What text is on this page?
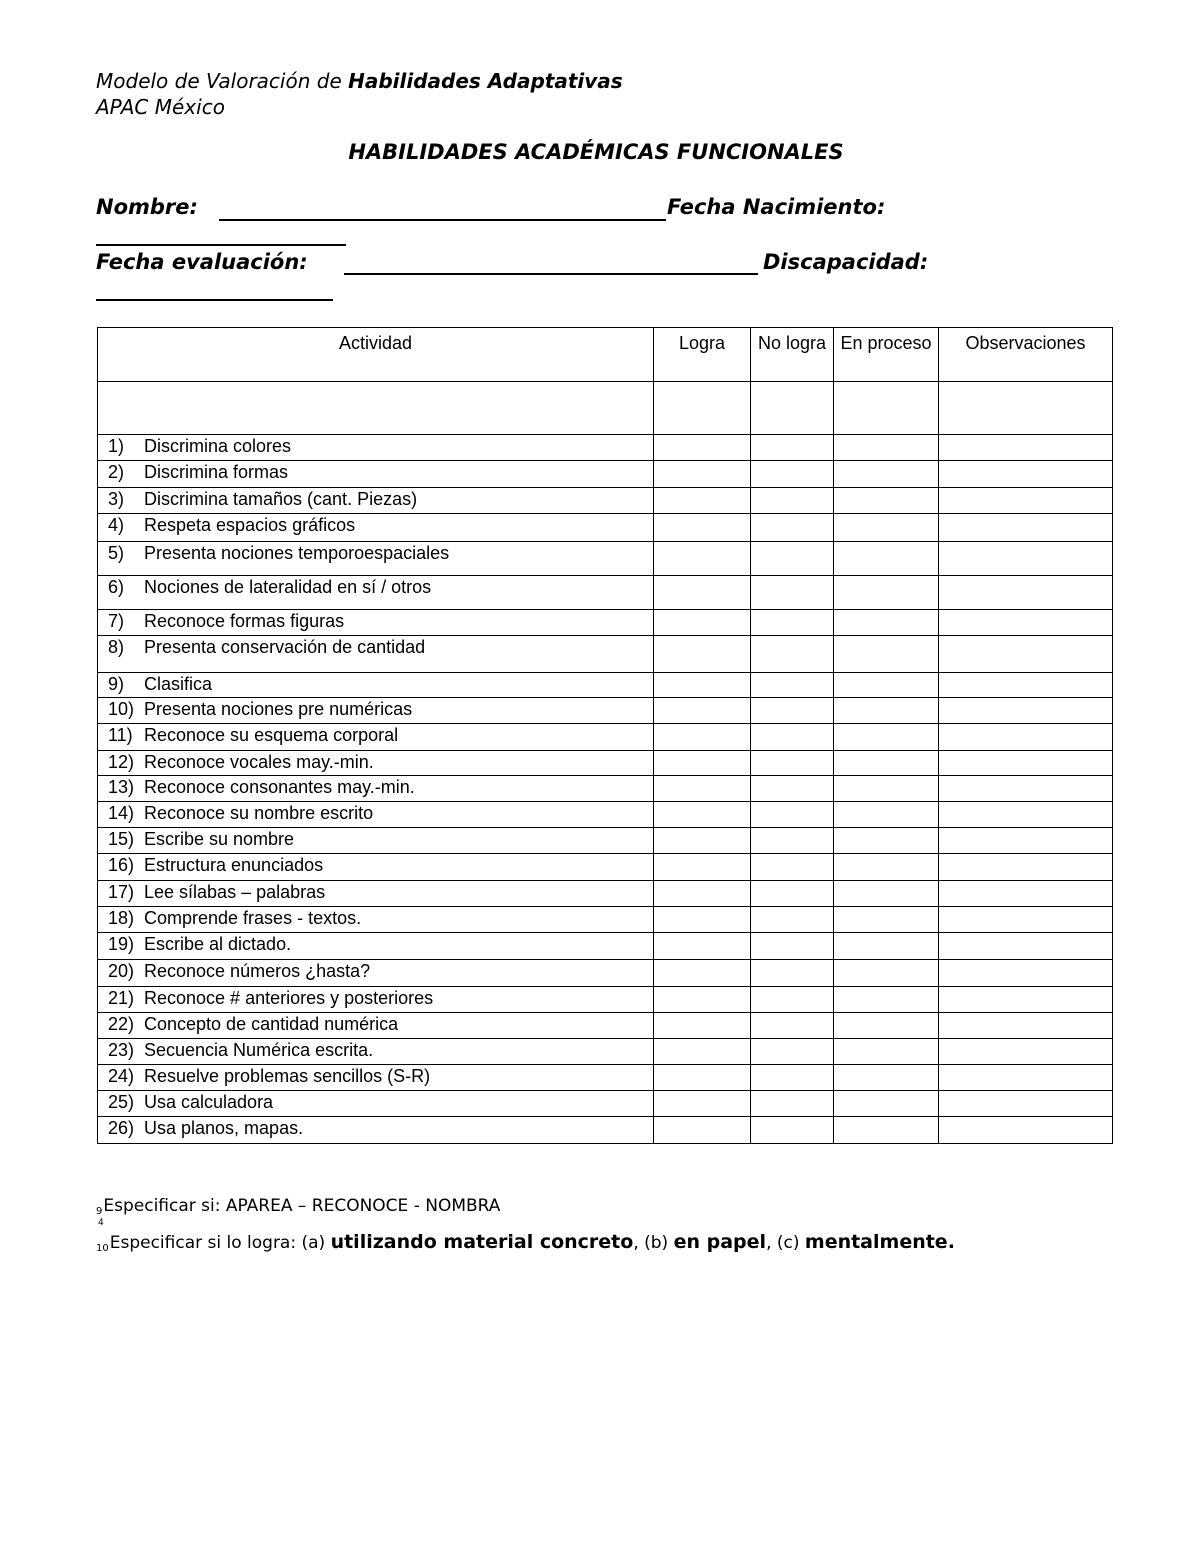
Modelo de Valoración de Habilidades Adaptativas
APAC México
HABILIDADES ACADÉMICAS FUNCIONALES
Nombre:	Fecha Nacimiento:
Fecha evaluación:	Discapacidad:
Actividad	Logra	No logra	En proceso	Observaciones

1) Discrimina colores				
2) Discrimina formas				
3) Discrimina tamaños (cant. Piezas)				
4) Respeta espacios gráficos				
5) Presenta nociones temporoespaciales				
6) Nociones de lateralidad en sí / otros				
7) Reconoce formas figuras				
8) Presenta conservación de cantidad				
9) Clasifica				
10) Presenta nociones pre numéricas				
11) Reconoce su esquema corporal				
12) Reconoce vocales may.-min.				
13) Reconoce consonantes may.-min.				
14) Reconoce su nombre escrito				
15) Escribe su nombre				
16) Estructura enunciados				
17) Lee sílabas – palabras				
18) Comprende frases - textos.				
19) Escribe al dictado.				
20) Reconoce números ¿hasta?				
21) Reconoce # anteriores y posteriores				
22) Concepto de cantidad numérica				
23) Secuencia Numérica escrita.				
24) Resuelve problemas sencillos (S-R)				
25) Usa calculadora				
26) Usa planos, mapas.				
$_9$Especificar si: APAREA – RECONOCE - NOMBRA
4
$_{10}$Especificar si lo logra: (a) utilizando material concreto, (b) en papel, (c) mentalmente.
